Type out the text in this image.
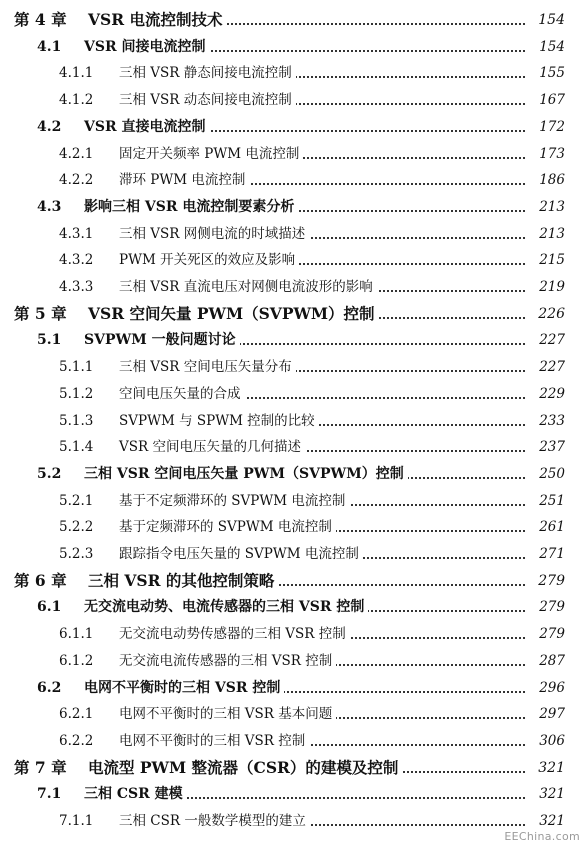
第 4 章 VSR 电流控制技术	154
4.1 VSR 间接电流控制	154
4.1.1 三相 VSR 静态间接电流控制	155
4.1.2 三相 VSR 动态间接电流控制	167
4.2 VSR 直接电流控制	172
4.2.1 固定开关频率 PWM 电流控制	173
4.2.2 滞环 PWM 电流控制	186
4.3 影响三相 VSR 电流控制要素分析	213
4.3.1 三相 VSR 网侧电流的时域描述	213
4.3.2 PWM 开关死区的效应及影响	215
4.3.3 三相 VSR 直流电压对网侧电流波形的影响	219
第 5 章 VSR 空间矢量 PWM（SVPWM）控制	226
5.1 SVPWM 一般问题讨论	227
5.1.1 三相 VSR 空间电压矢量分布	227
5.1.2 空间电压矢量的合成	229
5.1.3 SVPWM 与 SPWM 控制的比较	233
5.1.4 VSR 空间电压矢量的几何描述	237
5.2 三相 VSR 空间电压矢量 PWM（SVPWM）控制	250
5.2.1 基于不定频滞环的 SVPWM 电流控制	251
5.2.2 基于定频滞环的 SVPWM 电流控制	261
5.2.3 跟踪指令电压矢量的 SVPWM 电流控制	271
第 6 章 三相 VSR 的其他控制策略	279
6.1 无交流电动势、电流传感器的三相 VSR 控制	279
6.1.1 无交流电动势传感器的三相 VSR 控制	279
6.1.2 无交流电流传感器的三相 VSR 控制	287
6.2 电网不平衡时的三相 VSR 控制	296
6.2.1 电网不平衡时的三相 VSR 基本问题	297
6.2.2 电网不平衡时的三相 VSR 控制	306
第 7 章 电流型 PWM 整流器（CSR）的建模及控制	321
7.1 三相 CSR 建模	321
7.1.1 三相 CSR 一般数学模型的建立	321
EEChina.com
